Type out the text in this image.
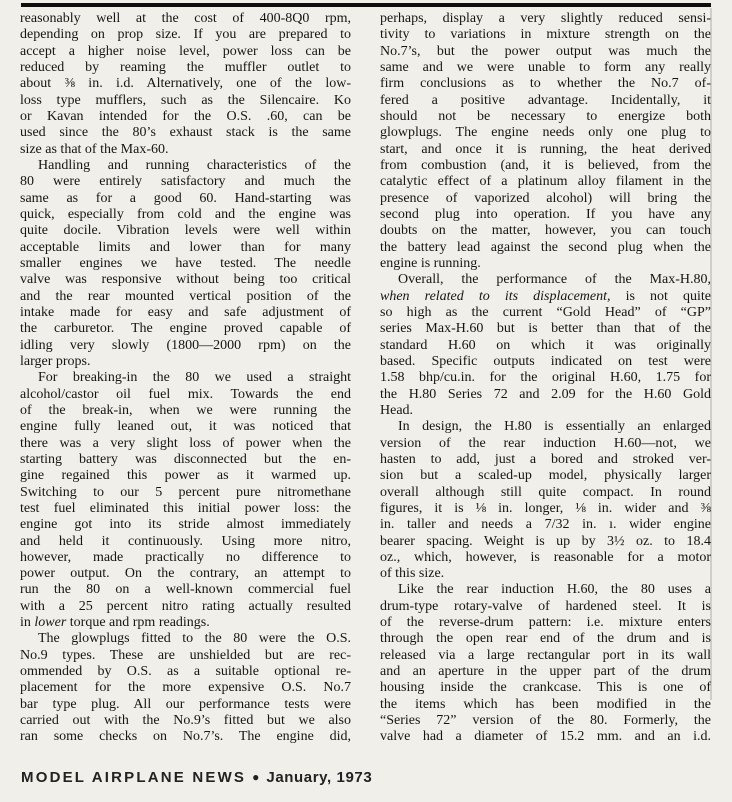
reasonably well at the cost of 400-8Q0 rpm,
depending on prop size. If you are prepared to
accept a higher noise level, power loss can be
reduced by reaming the muffler outlet to
about ⅜ in. i.d. Alternatively, one of the low-
loss type mufflers, such as the Silencaire. Ko
or Kavan intended for the O.S. .60, can be
used since the 80’s exhaust stack is the same
size as that of the Max-60.
Handling and running characteristics of the
80 were entirely satisfactory and much the
same as for a good 60. Hand-starting was
quick, especially from cold and the engine was
quite docile. Vibration levels were well within
acceptable limits and lower than for many
smaller engines we have tested. The needle
valve was responsive without being too critical
and the rear mounted vertical position of the
intake made for easy and safe adjustment of
the carburetor. The engine proved capable of
idling very slowly (1800—2000 rpm) on the
larger props.
For breaking-in the 80 we used a straight
alcohol/castor oil fuel mix. Towards the end
of the break-in, when we were running the
engine fully leaned out, it was noticed that
there was a very slight loss of power when the
starting battery was disconnected but the en-
gine regained this power as it warmed up.
Switching to our 5 percent pure nitromethane
test fuel eliminated this initial power loss: the
engine got into its stride almost immediately
and held it continuously. Using more nitro,
however, made practically no difference to
power output. On the contrary, an attempt to
run the 80 on a well-known commercial fuel
with a 25 percent nitro rating actually resulted
in lower torque and rpm readings.
The glowplugs fitted to the 80 were the O.S.
No.9 types. These are unshielded but are rec-
ommended by O.S. as a suitable optional re-
placement for the more expensive O.S. No.7
bar type plug. All our performance tests were
carried out with the No.9’s fitted but we also
ran some checks on No.7’s. The engine did,
perhaps, display a very slightly reduced sensi-
tivity to variations in mixture strength on the
No.7’s, but the power output was much the
same and we were unable to form any really
firm conclusions as to whether the No.7 of-
fered a positive advantage. Incidentally, it
should not be necessary to energize both
glowplugs. The engine needs only one plug to
start, and once it is running, the heat derived
from combustion (and, it is believed, from the
catalytic effect of a platinum alloy filament in the
presence of vaporized alcohol) will bring the
second plug into operation. If you have any
doubts on the matter, however, you can touch
the battery lead against the second plug when the
engine is running.
Overall, the performance of the Max-H.80,
when related to its displacement, is not quite
so high as the current “Gold Head” of “GP”
series Max-H.60 but is better than that of the
standard H.60 on which it was originally
based. Specific outputs indicated on test were
1.58 bhp/cu.in. for the original H.60, 1.75 for
the H.80 Series 72 and 2.09 for the H.60 Gold
Head.
In design, the H.80 is essentially an enlarged
version of the rear induction H.60—not, we
hasten to add, just a bored and stroked ver-
sion but a scaled-up model, physically larger
overall although still quite compact. In round
figures, it is ⅛ in. longer, ⅛ in. wider and ⅜
in. taller and needs a 7/32 in. ı. wider engine
bearer spacing. Weight is up by 3½ oz. to 18.4
oz., which, however, is reasonable for a motor
of this size.
Like the rear induction H.60, the 80 uses a
drum-type rotary-valve of hardened steel. It is
of the reverse-drum pattern: i.e. mixture enters
through the open rear end of the drum and is
released via a large rectangular port in its wall
and an aperture in the upper part of the drum
housing inside the crankcase. This is one of
the items which has been modified in the
“Series 72” version of the 80. Formerly, the
valve had a diameter of 15.2 mm. and an i.d.
MODEL AIRPLANE NEWS ● January, 1973
